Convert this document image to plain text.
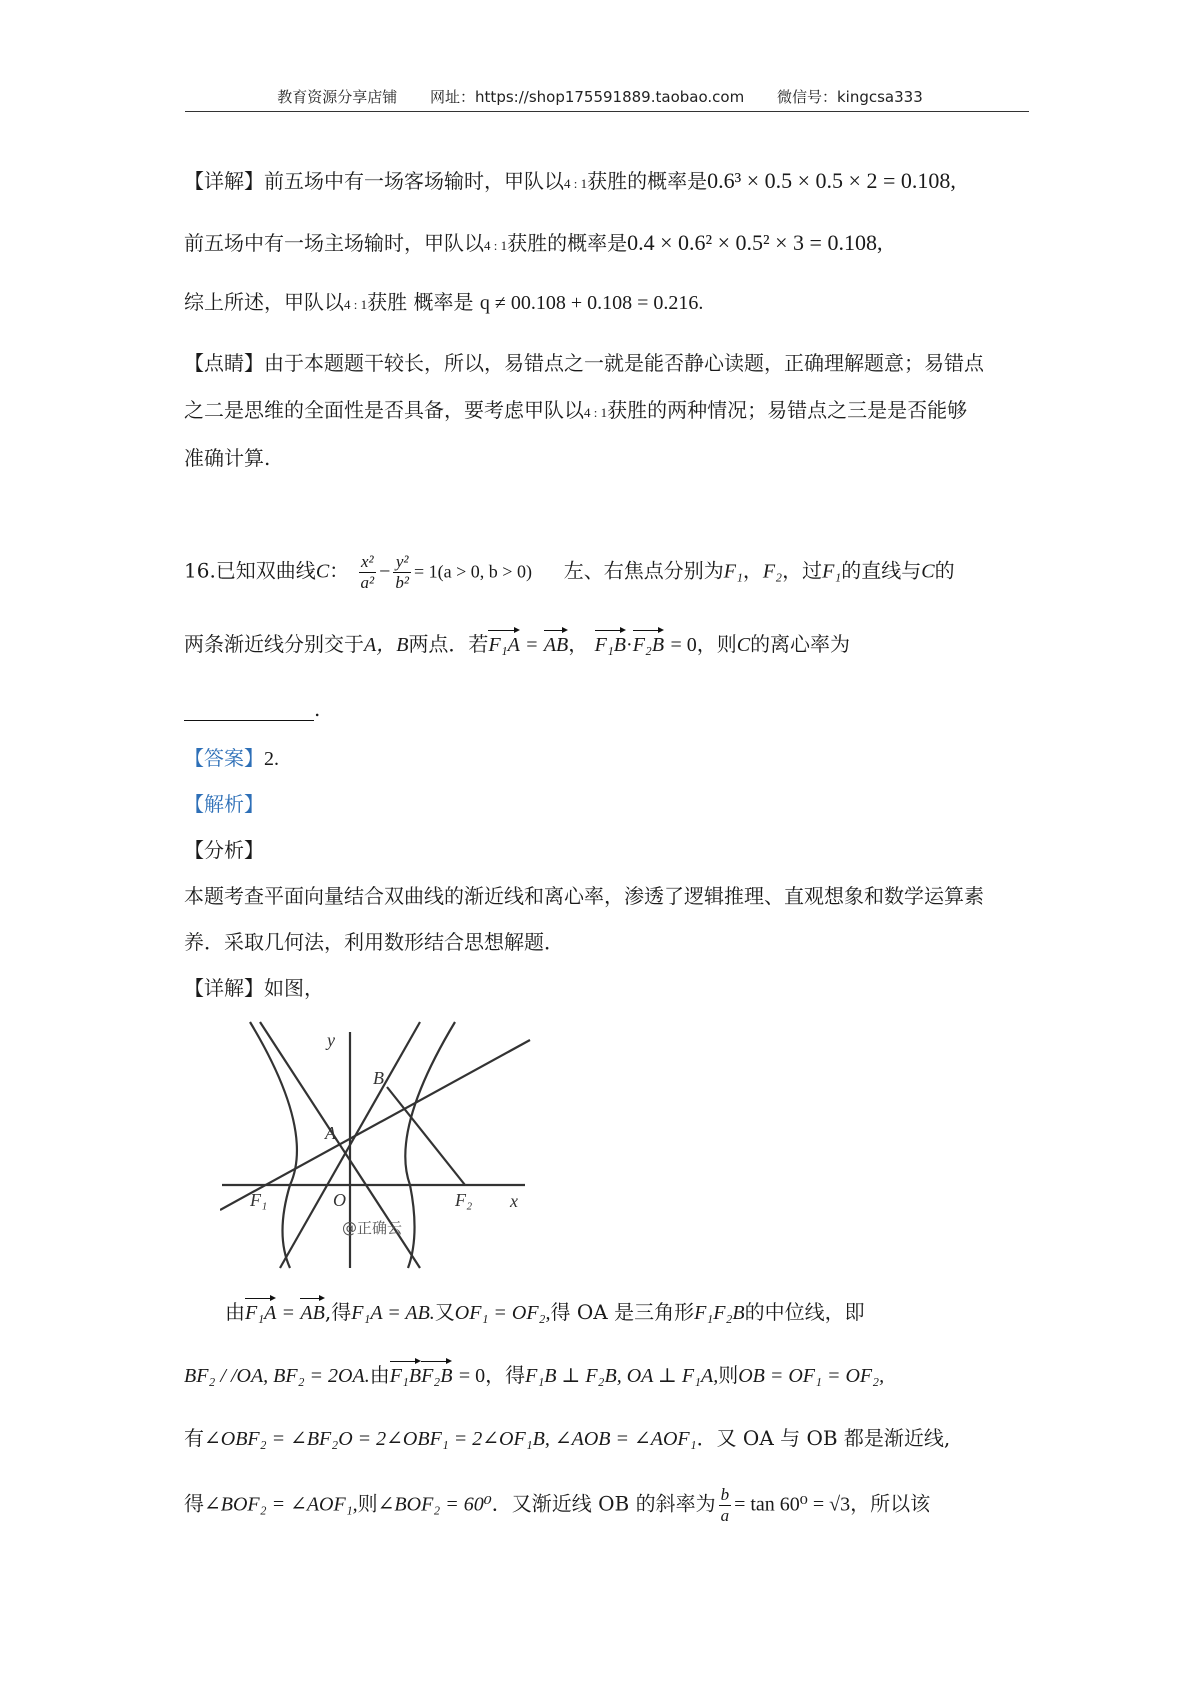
教育资源分享店铺 网址：https://shop175591889.taobao.com 微信号：kingcsa333
【详解】前五场中有一场客场输时，甲队以4 : 1获胜的概率是0.6³ × 0.5 × 0.5 × 2 = 0.108,
前五场中有一场主场输时，甲队以4 : 1获胜的概率是0.4 × 0.6² × 0.5² × 3 = 0.108,
综上所述，甲队以4 : 1获胜 概率是 q ≠ 00.108 + 0.108 = 0.216.
【点睛】由于本题题干较长，所以，易错点之一就是能否静心读题，正确理解题意；易错点
之二是思维的全面性是否具备，要考虑甲队以4 : 1获胜的两种情况；易错点之三是是否能够
准确计算.
16.已知双曲线C： $\frac{\text{x²}}{\text{a²}} - \frac{\text{y²}}{\text{b²}} = 1(a > 0$, b > 0) 左、右焦点分别为F₁，F₂，过F₁的直线与C的
两条渐近线分别交于A，B两点．若F₁A = AB， F₁B·F₂B = 0，则C的离心率为
.
【答案】2.
【解析】
【分析】
本题考查平面向量结合双曲线的渐近线和离心率，渗透了逻辑推理、直观想象和数学运算素
养．采取几何法，利用数形结合思想解题．
【详解】如图，
y
x
O
A
B
F₁	F₂
@正确云
由F₁A = AB,得F₁A = AB.又OF₁ = OF₂,得 OA 是三角形F₁F₂B的中位线，即
BF₂ / /OA, BF₂ = 2OA.由F₁BF₂B = 0，得F₁B ⊥ F₂B, OA ⊥ F₁A,则OB = OF₁ = OF₂,
有∠OBF₂ = ∠BF₂O = 2∠OBF₁ = 2∠OF₁B, ∠AOB = ∠AOF₁．又 OA 与 OB 都是渐近线,
得∠BOF₂ = ∠AOF₁,则∠BOF₂ = 60⁰．又渐近线 OB 的斜率为 $\frac{b}{a} = \tan 60^0 = √3$，所以该
